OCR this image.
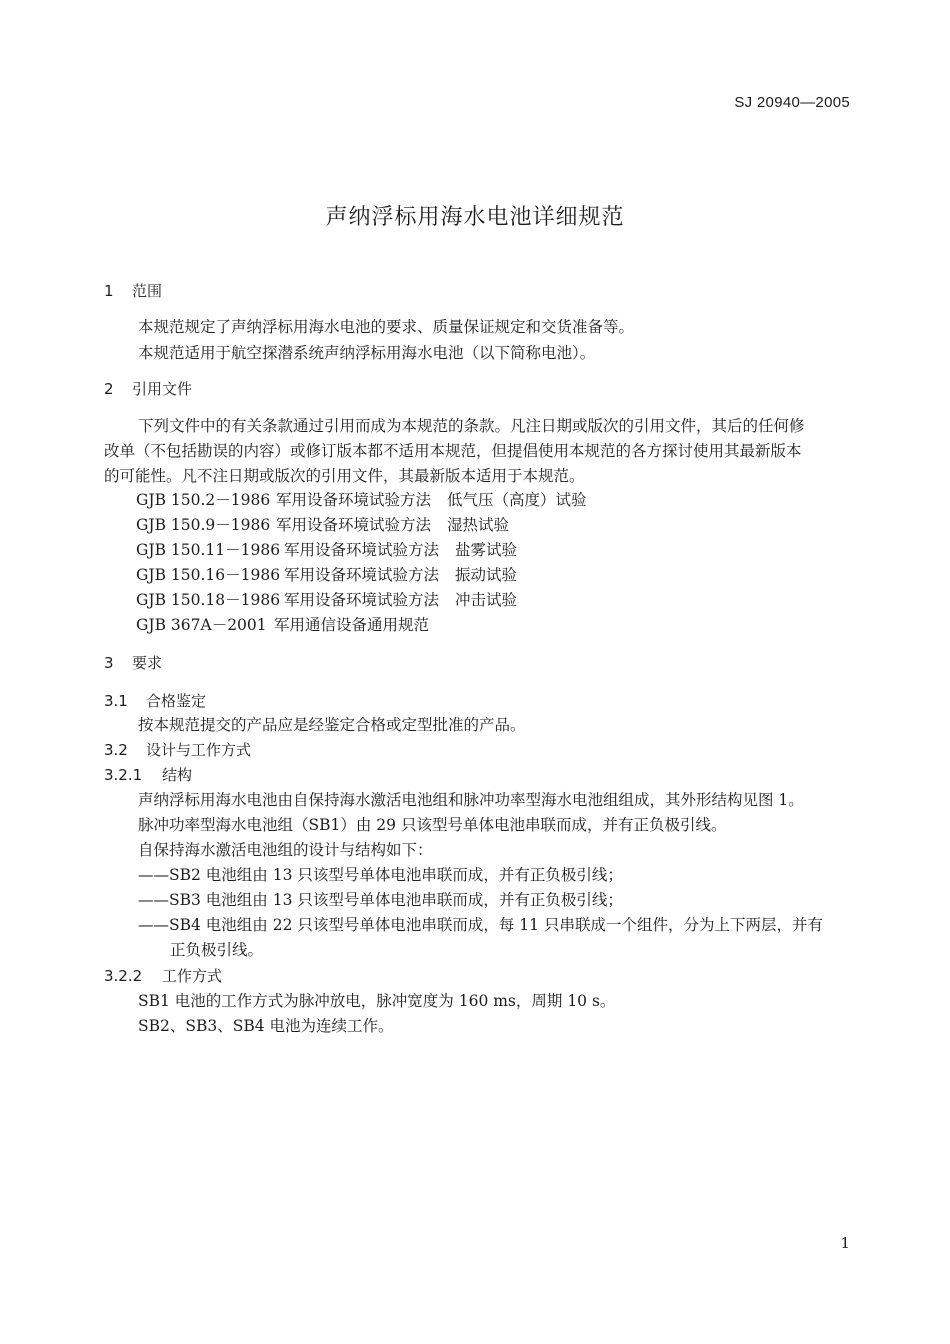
SJ 20940—2005
声纳浮标用海水电池详细规范
1 范围
本规范规定了声纳浮标用海水电池的要求、质量保证规定和交货准备等。
本规范适用于航空探潜系统声纳浮标用海水电池（以下简称电池）。
2 引用文件
下列文件中的有关条款通过引用而成为本规范的条款。凡注日期或版次的引用文件，其后的任何修
改单（不包括勘误的内容）或修订版本都不适用本规范，但提倡使用本规范的各方探讨使用其最新版本
的可能性。凡不注日期或版次的引用文件，其最新版本适用于本规范。
GJB 150.2－1986 军用设备环境试验方法 低气压（高度）试验
GJB 150.9－1986 军用设备环境试验方法 湿热试验
GJB 150.11－1986 军用设备环境试验方法 盐雾试验
GJB 150.16－1986 军用设备环境试验方法 振动试验
GJB 150.18－1986 军用设备环境试验方法 冲击试验
GJB 367A－2001 军用通信设备通用规范
3 要求
3.1 合格鉴定
按本规范提交的产品应是经鉴定合格或定型批准的产品。
3.2 设计与工作方式
3.2.1 结构
声纳浮标用海水电池由自保持海水激活电池组和脉冲功率型海水电池组组成，其外形结构见图 1。
脉冲功率型海水电池组（SB1）由 29 只该型号单体电池串联而成，并有正负极引线。
自保持海水激活电池组的设计与结构如下：
——SB2 电池组由 13 只该型号单体电池串联而成，并有正负极引线；
——SB3 电池组由 13 只该型号单体电池串联而成，并有正负极引线；
——SB4 电池组由 22 只该型号单体电池串联而成，每 11 只串联成一个组件，分为上下两层，并有
正负极引线。
3.2.2 工作方式
SB1 电池的工作方式为脉冲放电，脉冲宽度为 160 ms，周期 10 s。
SB2、SB3、SB4 电池为连续工作。
1
